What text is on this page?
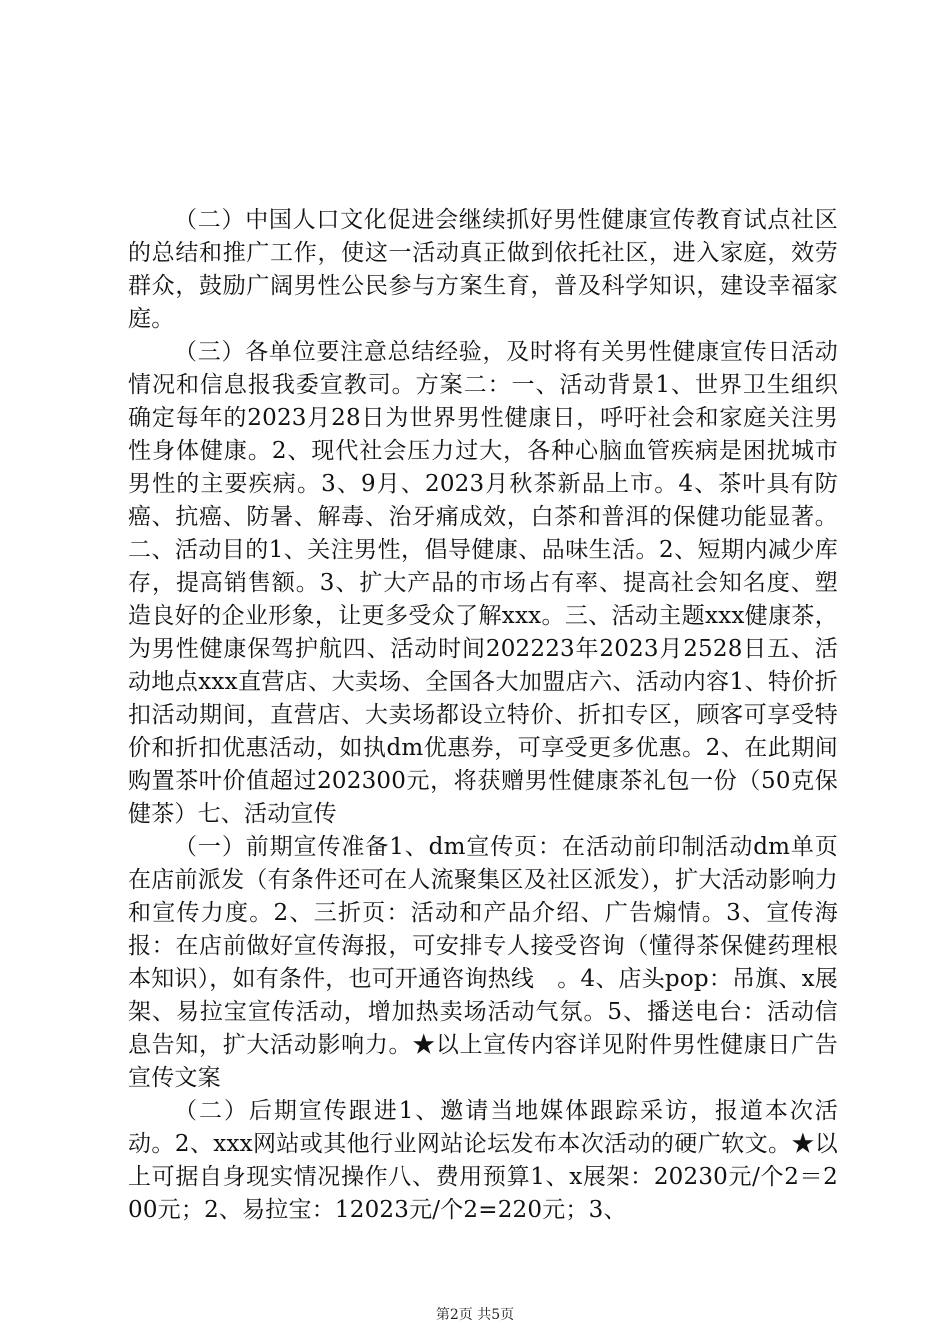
（二）中国人口文化促进会继续抓好男性健康宣传教育试点社区的总结和推广工作，使这一活动真正做到依托社区，进入家庭，效劳群众，鼓励广阔男性公民参与方案生育，普及科学知识，建设幸福家庭。

（三）各单位要注意总结经验，及时将有关男性健康宣传日活动情况和信息报我委宣教司。方案二：一、活动背景1、世界卫生组织确定每年的2023月28日为世界男性健康日，呼吁社会和家庭关注男性身体健康。2、现代社会压力过大，各种心脑血管疾病是困扰城市男性的主要疾病。3、9月、2023月秋茶新品上市。4、茶叶具有防癌、抗癌、防暑、解毒、治牙痛成效，白茶和普洱的保健功能显著。二、活动目的1、关注男性，倡导健康、品味生活。2、短期内减少库存，提高销售额。3、扩大产品的市场占有率、提高社会知名度、塑造良好的企业形象，让更多受众了解xxx。三、活动主题xxx健康茶，为男性健康保驾护航四、活动时间202223年2023月2528日五、活动地点xxx直营店、大卖场、全国各大加盟店六、活动内容1、特价折扣活动期间，直营店、大卖场都设立特价、折扣专区，顾客可享受特价和折扣优惠活动，如执dm优惠券，可享受更多优惠。2、在此期间购置茶叶价值超过202300元，将获赠男性健康茶礼包一份（50克保健茶）七、活动宣传

（一）前期宣传准备1、dm宣传页：在活动前印制活动dm单页在店前派发（有条件还可在人流聚集区及社区派发），扩大活动影响力和宣传力度。2、三折页：活动和产品介绍、广告煽情。3、宣传海报：在店前做好宣传海报，可安排专人接受咨询（懂得茶保健药理根本知识），如有条件，也可开通咨询热线　。4、店头pop：吊旗、x展架、易拉宝宣传活动，增加热卖场活动气氛。5、播送电台：活动信息告知，扩大活动影响力。★以上宣传内容详见附件男性健康日广告宣传文案

（二）后期宣传跟进1、邀请当地媒体跟踪采访，报道本次活动。2、xxx网站或其他行业网站论坛发布本次活动的硬广软文。★以上可据自身现实情况操作八、费用预算1、x展架：20230元/个2＝200元；2、易拉宝：12023元/个2=220元；3、

第2页 共5页
